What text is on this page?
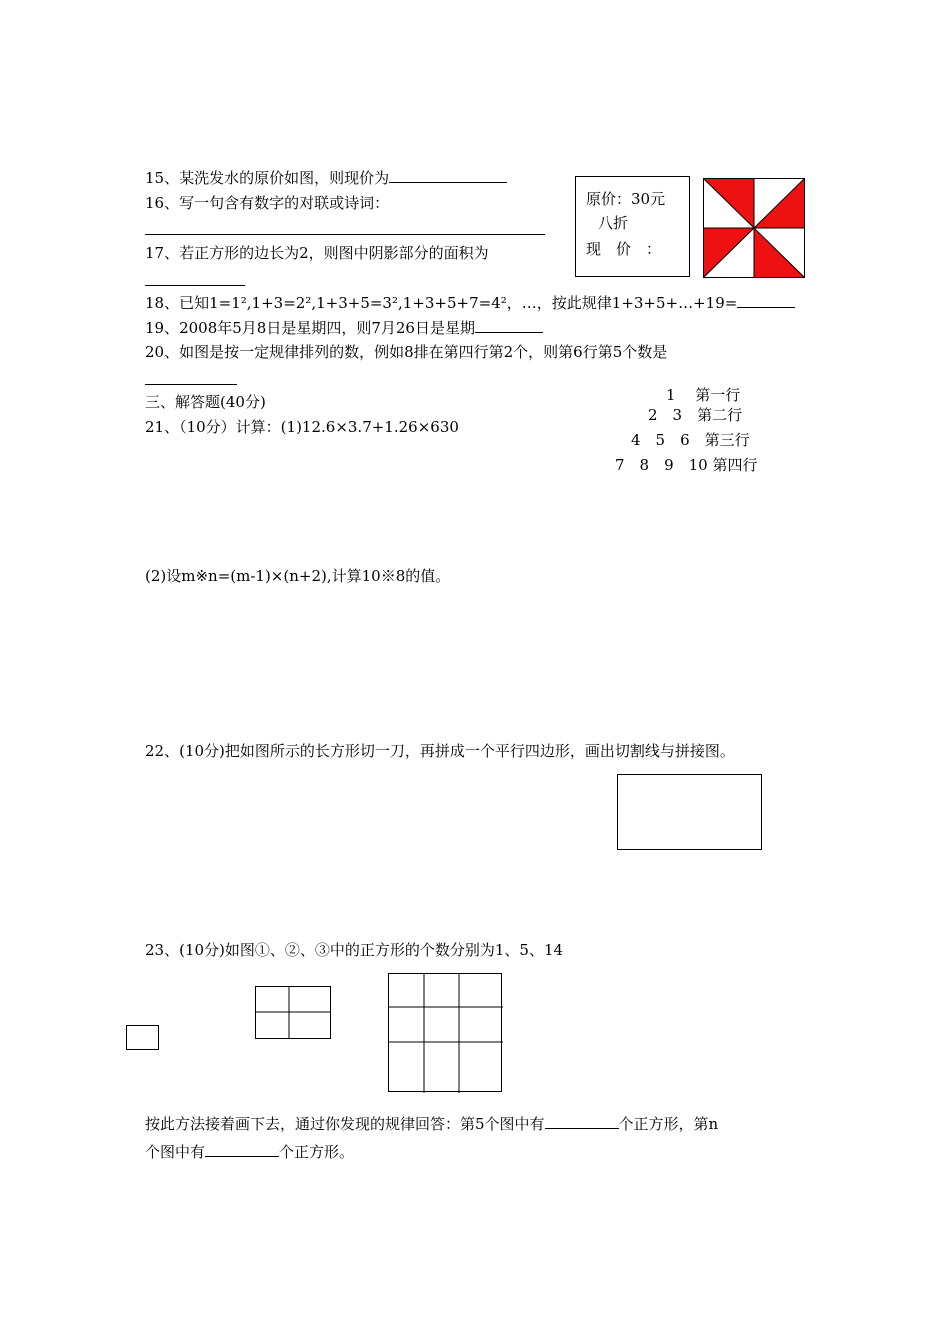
15、某洗发水的原价如图，则现价为
原价：30元
八折
现　价　：
16、写一句含有数字的对联或诗词：
17、若正方形的边长为2，则图中阴影部分的面积为
18、已知1=1²,1+3=2²,1+3+5=3²,1+3+5+7=4²，…，按此规律1+3+5+…+19=
19、2008年5月8日是星期四，则7月26日是星期
20、如图是按一定规律排列的数，例如8排在第四行第2个，则第6行第5个数是
1　 第一行
2　3　第二行
4　5　6　第三行
7　8　9　10 第四行
三、解答题(40分)
21、（10分）计算：(1)12.6×3.7+1.26×630
(2)设m※n=(m-1)×(n+2),计算10※8的值。
22、(10分)把如图所示的长方形切一刀，再拼成一个平行四边形，画出切割线与拼接图。
23、(10分)如图①、②、③中的正方形的个数分别为1、5、14
按此方法接着画下去，通过你发现的规律回答：第5个图中有	个正方形，第n
个图中有	个正方形。
